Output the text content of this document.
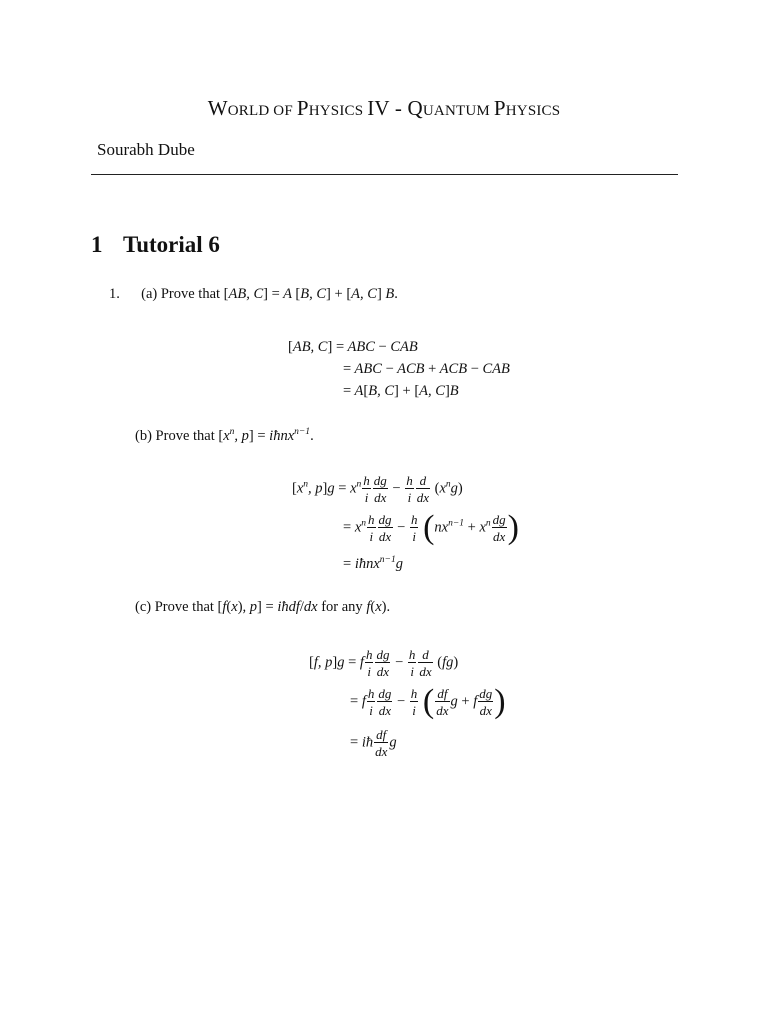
WORLD OF PHYSICS IV - QUANTUM PHYSICS
Sourabh Dube
1 Tutorial 6
1. (a) Prove that [AB, C] = A [B, C] + [A, C] B.
[AB, C] = ABC − CAB
= ABC − ACB + ACB − CAB
= A[B, C] + [A, C]B
(b) Prove that [$x^n$, p] = iħnx$^{n-1}$.
[$x^n$, $p]g = x^n \frac{h}{i} \frac{dg}{dx} - \frac{h}{i} \frac{d}{dx} (x^ng)$
= $x^n \frac{h}{i} \frac{dg}{dx} - \frac{h}{i} (nx^{n-1} + x^n \frac{dg}{dx}$ )
= iħnx$^{n-1}$g
(c) Prove that [f(x), p] = iħdf/dx for any f(x).
[f, p]g = f $\frac{h}{i} \frac{dg}{dx} - \frac{h}{i} \frac{d}{dx} (fg)$
= f $\frac{h}{i} \frac{dg}{dx} - \frac{h}{i}$ ( $\frac{df}{dx}$ g + f $\frac{dg}{dx}$ )
= iħ $\frac{df}{dx}$ g
